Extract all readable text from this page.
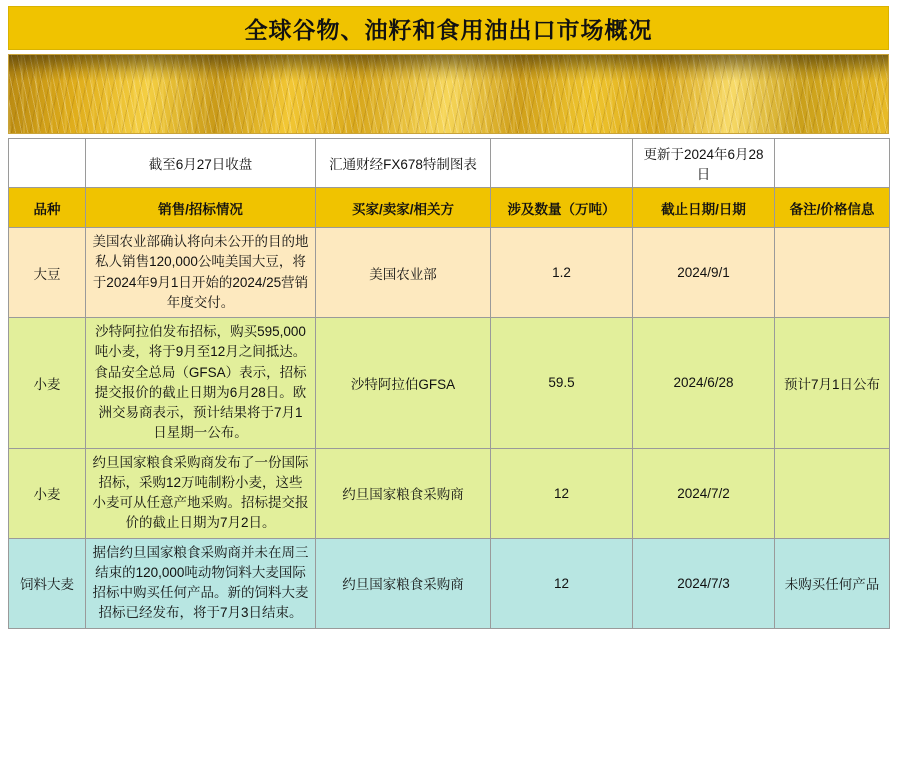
全球谷物、油籽和食用油出口市场概况
	截至6月27日收盘	汇通财经FX678特制图表		更新于2024年6月28日	
品种	销售/招标情况	买家/卖家/相关方	涉及数量（万吨）	截止日期/日期	备注/价格信息
大豆	美国农业部确认将向未公开的目的地私人销售120,000公吨美国大豆，将于2024年9月1日开始的2024/25营销年度交付。	美国农业部	1.2	2024/9/1	
小麦	沙特阿拉伯发布招标，购买595,000吨小麦，将于9月至12月之间抵达。食品安全总局（GFSA）表示，招标提交报价的截止日期为6月28日。欧洲交易商表示，预计结果将于7月1日星期一公布。	沙特阿拉伯GFSA	59.5	2024/6/28	预计7月1日公布
小麦	约旦国家粮食采购商发布了一份国际招标，采购12万吨制粉小麦，这些小麦可从任意产地采购。招标提交报价的截止日期为7月2日。	约旦国家粮食采购商	12	2024/7/2	
饲料大麦	据信约旦国家粮食采购商并未在周三结束的120,000吨动物饲料大麦国际招标中购买任何产品。新的饲料大麦招标已经发布，将于7月3日结束。	约旦国家粮食采购商	12	2024/7/3	未购买任何产品
